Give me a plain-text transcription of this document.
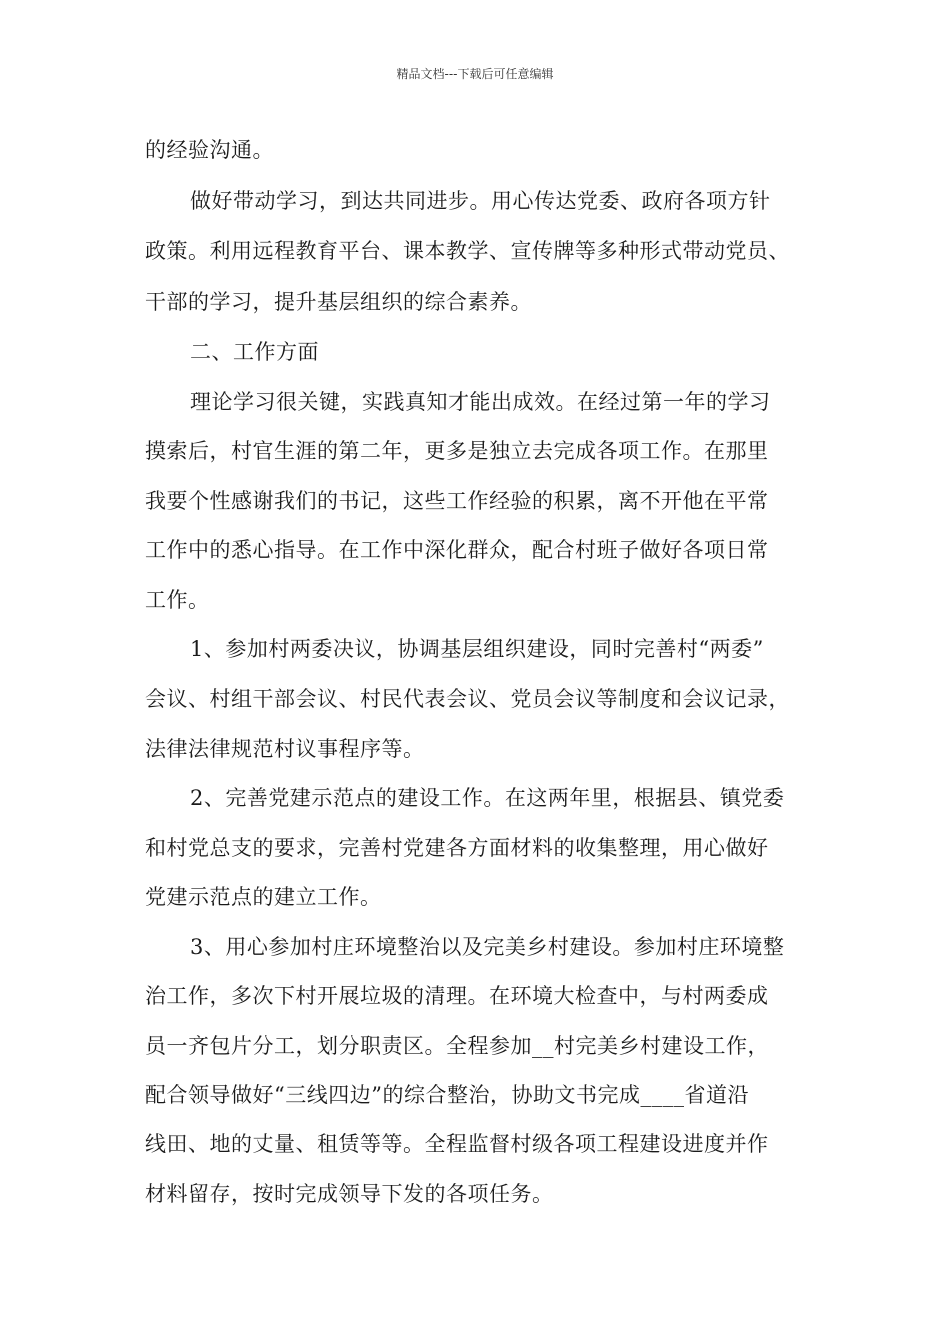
精品文档---下载后可任意编辑
的经验沟通。
做好带动学习，到达共同进步。用心传达党委、政府各项方针
政策。利用远程教育平台、课本教学、宣传牌等多种形式带动党员、
干部的学习，提升基层组织的综合素养。
二、工作方面
理论学习很关键，实践真知才能出成效。在经过第一年的学习
摸索后，村官生涯的第二年，更多是独立去完成各项工作。在那里
我要个性感谢我们的书记，这些工作经验的积累，离不开他在平常
工作中的悉心指导。在工作中深化群众，配合村班子做好各项日常
工作。
1、参加村两委决议，协调基层组织建设，同时完善村“两委”
会议、村组干部会议、村民代表会议、党员会议等制度和会议记录，
法律法律规范村议事程序等。
2、完善党建示范点的建设工作。在这两年里，根据县、镇党委
和村党总支的要求，完善村党建各方面材料的收集整理，用心做好
党建示范点的建立工作。
3、用心参加村庄环境整治以及完美乡村建设。参加村庄环境整
治工作，多次下村开展垃圾的清理。在环境大检查中，与村两委成
员一齐包片分工，划分职责区。全程参加__村完美乡村建设工作，
配合领导做好“三线四边”的综合整治，协助文书完成____省道沿
线田、地的丈量、租赁等等。全程监督村级各项工程建设进度并作
材料留存，按时完成领导下发的各项任务。
